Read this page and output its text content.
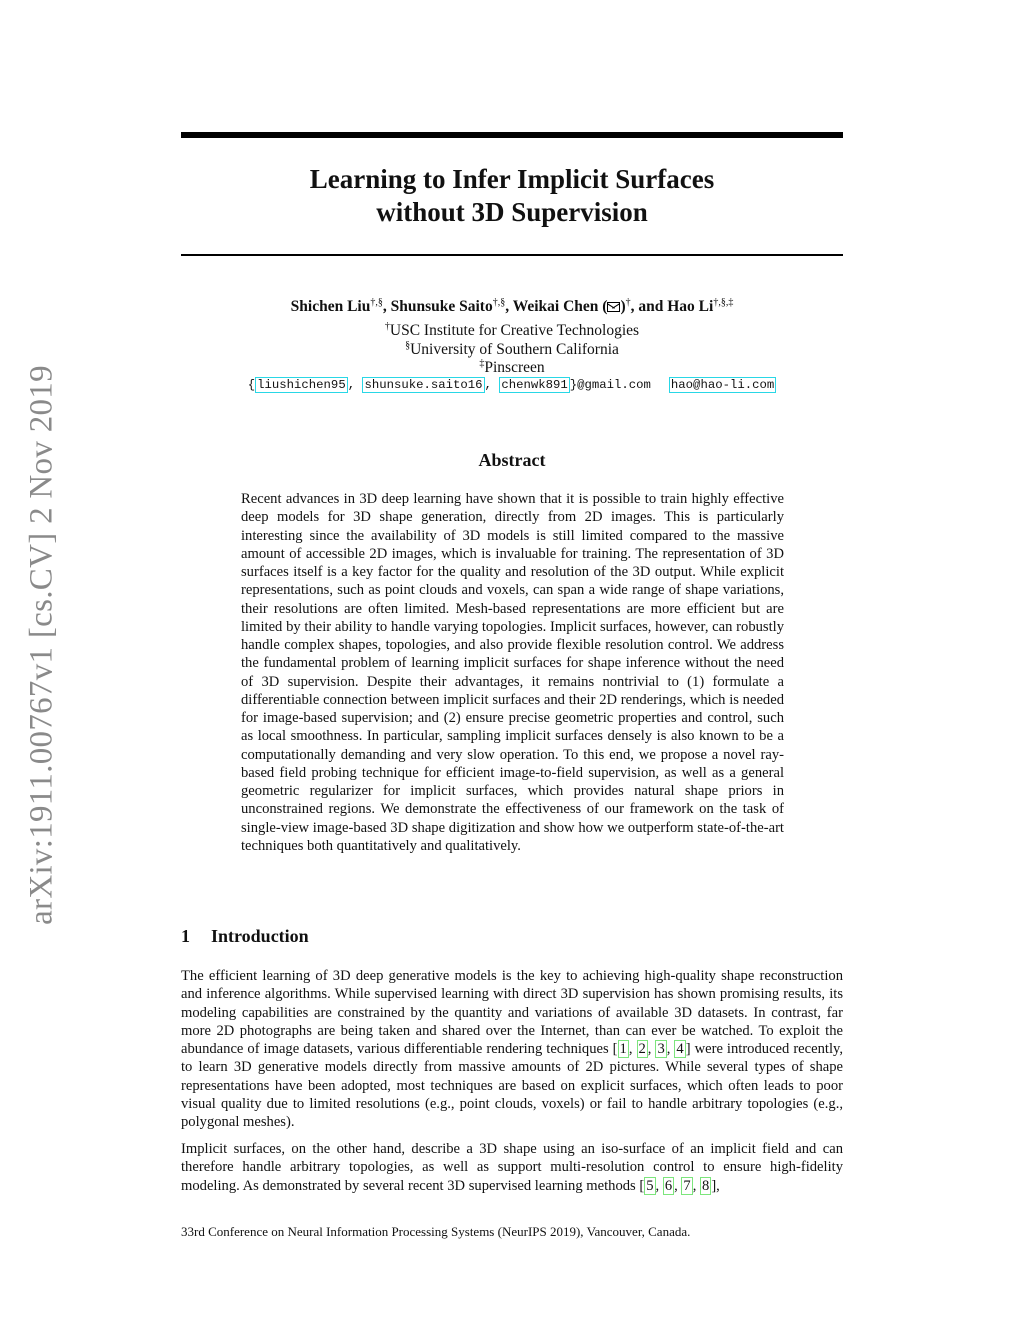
arXiv:1911.00767v1 [cs.CV] 2 Nov 2019
Learning to Infer Implicit Surfaces
without 3D Supervision
Shichen Liu†,§, Shunsuke Saito†,§, Weikai Chen ( )†, and Hao Li†,§,‡
†USC Institute for Creative Technologies
§University of Southern California
‡Pinscreen
{ liushichen95 , shunsuke.saito16 , chenwk891 }@gmail.com hao@hao-li.com
Abstract
Recent advances in 3D deep learning have shown that it is possible to train highly effective deep models for 3D shape generation, directly from 2D images. This is particularly interesting since the availability of 3D models is still limited compared to the massive amount of accessible 2D images, which is invaluable for training. The representation of 3D surfaces itself is a key factor for the quality and resolution of the 3D output. While explicit representations, such as point clouds and voxels, can span a wide range of shape variations, their resolutions are often limited. Mesh-based representations are more efficient but are limited by their ability to handle varying topologies. Implicit surfaces, however, can robustly handle complex shapes, topologies, and also provide flexible resolution control. We address the fundamental problem of learning implicit surfaces for shape inference without the need of 3D supervision. Despite their advantages, it remains nontrivial to (1) formulate a differentiable connection between implicit surfaces and their 2D renderings, which is needed for image-based supervision; and (2) ensure precise geometric properties and control, such as local smoothness. In particular, sampling implicit surfaces densely is also known to be a computationally demanding and very slow operation. To this end, we propose a novel ray-based field probing technique for efficient image-to-field supervision, as well as a general geometric regularizer for implicit surfaces, which provides natural shape priors in unconstrained regions. We demonstrate the effectiveness of our framework on the task of single-view image-based 3D shape digitization and show how we outperform state-of-the-art techniques both quantitatively and qualitatively.
1 Introduction

The efficient learning of 3D deep generative models is the key to achieving high-quality shape reconstruction and inference algorithms. While supervised learning with direct 3D supervision has shown promising results, its modeling capabilities are constrained by the quantity and variations of available 3D datasets. In contrast, far more 2D photographs are being taken and shared over the Internet, than can ever be watched. To exploit the abundance of image datasets, various differentiable rendering techniques [ 1 , 2 , 3 , 4 ] were introduced recently, to learn 3D generative models directly from massive amounts of 2D pictures. While several types of shape representations have been adopted, most techniques are based on explicit surfaces, which often leads to poor visual quality due to limited resolutions (e.g., point clouds, voxels) or fail to handle arbitrary topologies (e.g., polygonal meshes).

Implicit surfaces, on the other hand, describe a 3D shape using an iso-surface of an implicit field and can therefore handle arbitrary topologies, as well as support multi-resolution control to ensure high-fidelity modeling. As demonstrated by several recent 3D supervised learning methods [ 5 , 6 , 7 , 8 ],

33rd Conference on Neural Information Processing Systems (NeurIPS 2019), Vancouver, Canada.
